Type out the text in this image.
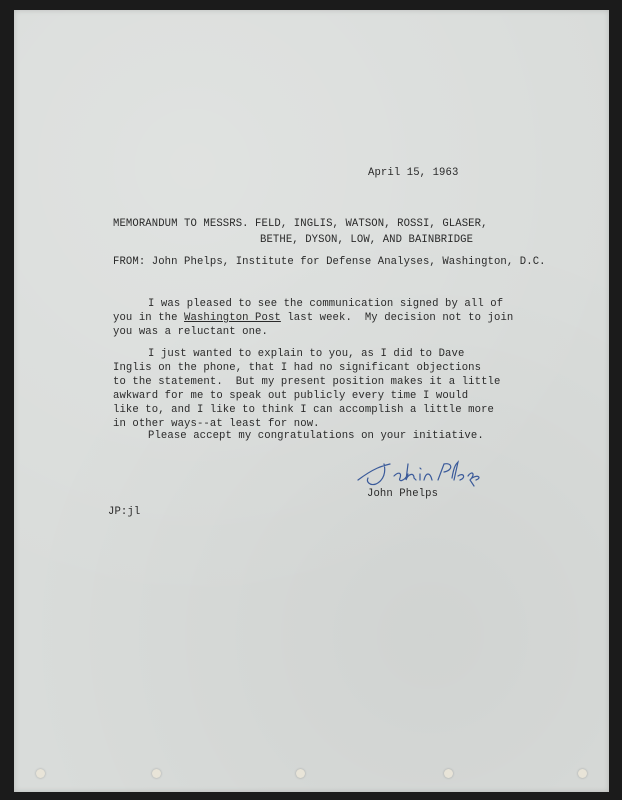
April 15, 1963
MEMORANDUM TO MESSRS. FELD, INGLIS, WATSON, ROSSI, GLASER,
BETHE, DYSON, LOW, AND BAINBRIDGE
FROM: John Phelps, Institute for Defense Analyses, Washington, D.C.
I was pleased to see the communication signed by all of
you in the Washington Post last week.  My decision not to join
you was a reluctant one.
I just wanted to explain to you, as I did to Dave
Inglis on the phone, that I had no significant objections
to the statement.  But my present position makes it a little
awkward for me to speak out publicly every time I would
like to, and I like to think I can accomplish a little more
in other ways--at least for now.
Please accept my congratulations on your initiative.
John Phelps
JP:jl
